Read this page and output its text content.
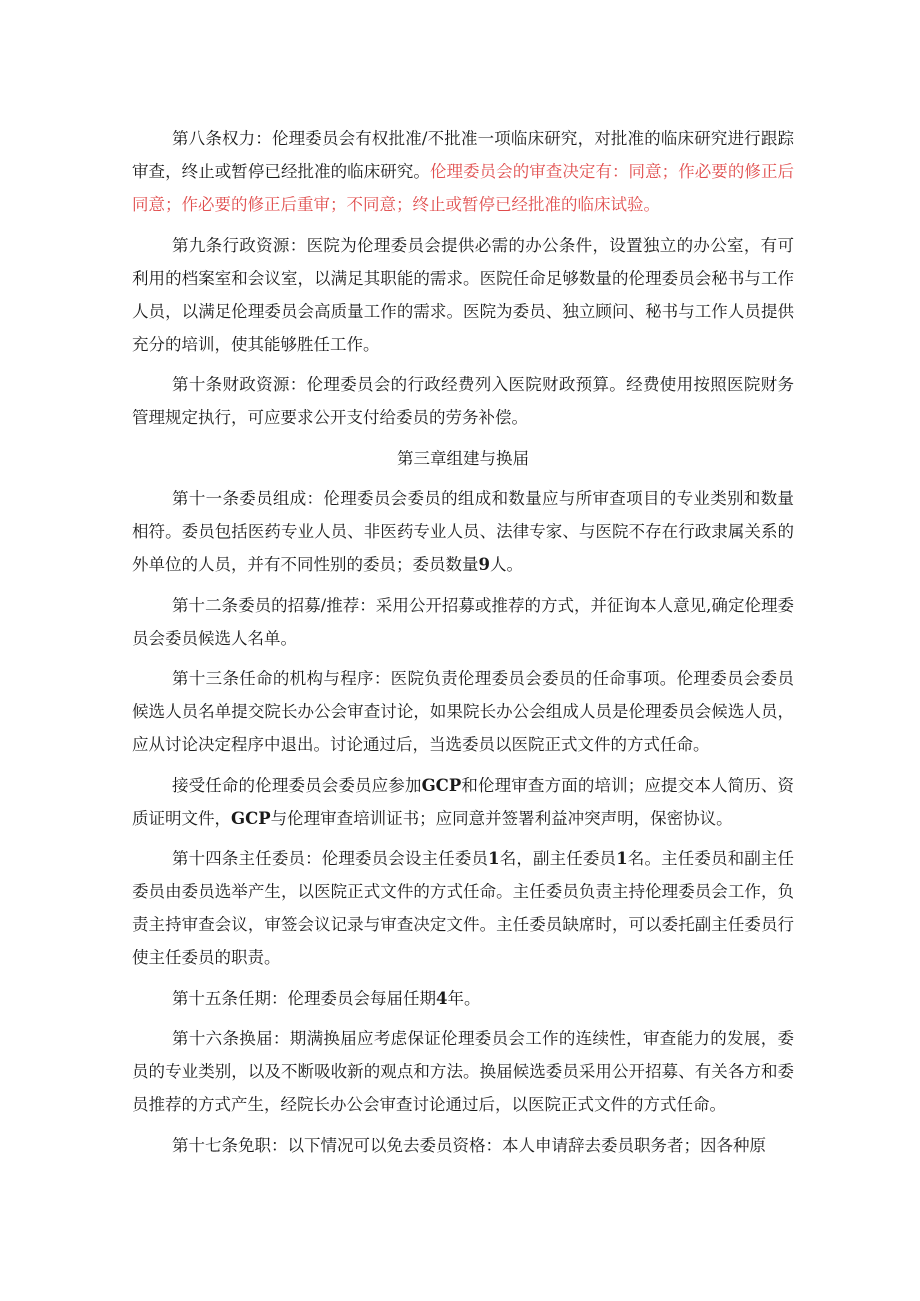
第八条权力：伦理委员会有权批准/不批准一项临床研究，对批准的临床研究进行跟踪审查，终止或暂停已经批准的临床研究。伦理委员会的审查决定有：同意；作必要的修正后同意；作必要的修正后重审；不同意；终止或暂停已经批准的临床试验。

第九条行政资源：医院为伦理委员会提供必需的办公条件，设置独立的办公室，有可利用的档案室和会议室，以满足其职能的需求。医院任命足够数量的伦理委员会秘书与工作人员，以满足伦理委员会高质量工作的需求。医院为委员、独立顾问、秘书与工作人员提供充分的培训，使其能够胜任工作。

第十条财政资源：伦理委员会的行政经费列入医院财政预算。经费使用按照医院财务管理规定执行，可应要求公开支付给委员的劳务补偿。

第三章组建与换届

第十一条委员组成：伦理委员会委员的组成和数量应与所审查项目的专业类别和数量相符。委员包括医药专业人员、非医药专业人员、法律专家、与医院不存在行政隶属关系的外单位的人员，并有不同性别的委员；委员数量9人。

第十二条委员的招募/推荐：采用公开招募或推荐的方式，并征询本人意见,确定伦理委员会委员候选人名单。

第十三条任命的机构与程序：医院负责伦理委员会委员的任命事项。伦理委员会委员候选人员名单提交院长办公会审查讨论，如果院长办公会组成人员是伦理委员会候选人员，应从讨论决定程序中退出。讨论通过后，当选委员以医院正式文件的方式任命。

接受任命的伦理委员会委员应参加GCP和伦理审查方面的培训；应提交本人简历、资质证明文件，GCP与伦理审查培训证书；应同意并签署利益冲突声明，保密协议。

第十四条主任委员：伦理委员会设主任委员1名，副主任委员1名。主任委员和副主任委员由委员选举产生，以医院正式文件的方式任命。主任委员负责主持伦理委员会工作，负责主持审查会议，审签会议记录与审查决定文件。主任委员缺席时，可以委托副主任委员行使主任委员的职责。

第十五条任期：伦理委员会每届任期4年。

第十六条换届：期满换届应考虑保证伦理委员会工作的连续性，审查能力的发展，委员的专业类别，以及不断吸收新的观点和方法。换届候选委员采用公开招募、有关各方和委员推荐的方式产生，经院长办公会审查讨论通过后，以医院正式文件的方式任命。

第十七条免职：以下情况可以免去委员资格：本人申请辞去委员职务者；因各种原
